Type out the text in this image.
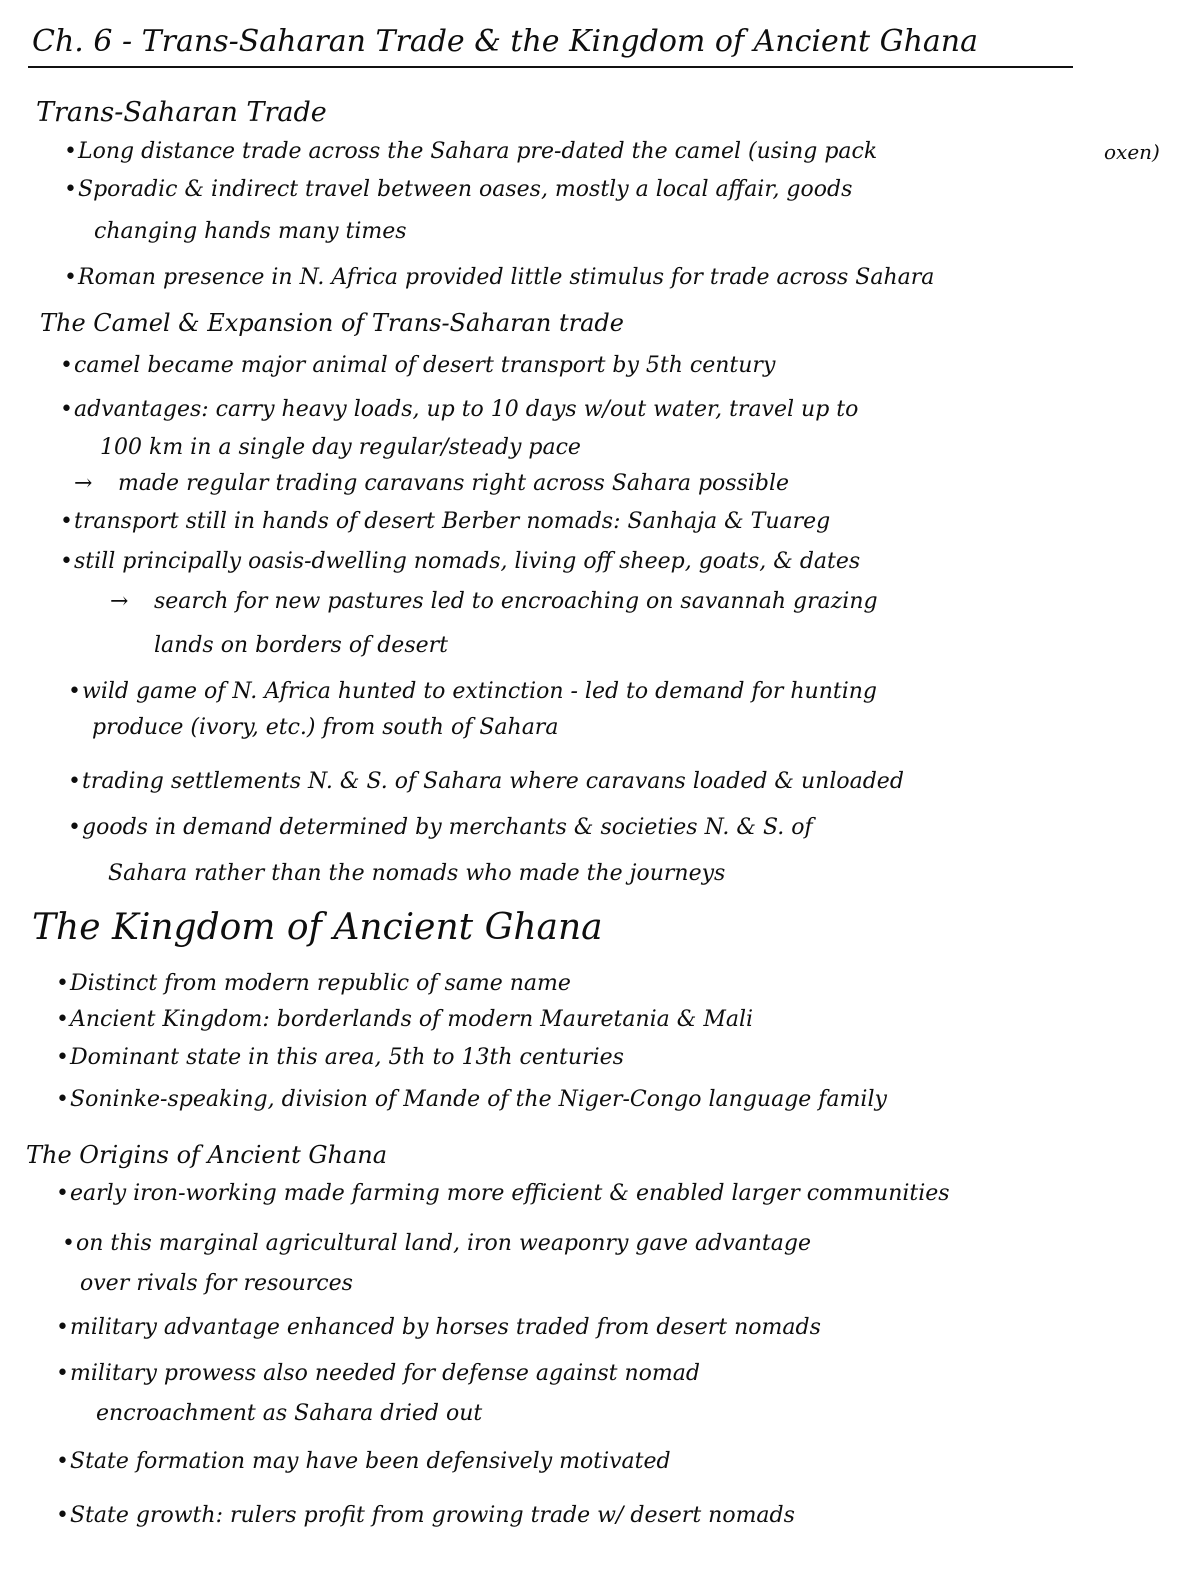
Ch. 6 - Trans-Saharan Trade & the Kingdom of Ancient Ghana
Trans-Saharan Trade
•Long distance trade across the Sahara pre-dated the camel (using pack	oxen)
•Sporadic & indirect travel between oases, mostly a local affair, goods
changing hands many times
•Roman presence in N. Africa provided little stimulus for trade across Sahara
The Camel & Expansion of Trans-Saharan trade
•camel became major animal of desert transport by 5th century
•advantages: carry heavy loads, up to 10 days w/out water, travel up to
100 km in a single day regular/steady pace
→ made regular trading caravans right across Sahara possible
•transport still in hands of desert Berber nomads: Sanhaja & Tuareg
•still principally oasis-dwelling nomads, living off sheep, goats, & dates
→ search for new pastures led to encroaching on savannah grazing
lands on borders of desert
•wild game of N. Africa hunted to extinction - led to demand for hunting
produce (ivory, etc.) from south of Sahara
•trading settlements N. & S. of Sahara where caravans loaded & unloaded
•goods in demand determined by merchants & societies N. & S. of
Sahara rather than the nomads who made the journeys
The Kingdom of Ancient Ghana
•Distinct from modern republic of same name
•Ancient Kingdom: borderlands of modern Mauretania & Mali
•Dominant state in this area, 5th to 13th centuries
•Soninke-speaking, division of Mande of the Niger-Congo language family
The Origins of Ancient Ghana
•early iron-working made farming more efficient & enabled larger communities
•on this marginal agricultural land, iron weaponry gave advantage
over rivals for resources
•military advantage enhanced by horses traded from desert nomads
•military prowess also needed for defense against nomad
encroachment as Sahara dried out
•State formation may have been defensively motivated
•State growth: rulers profit from growing trade w/ desert nomads
